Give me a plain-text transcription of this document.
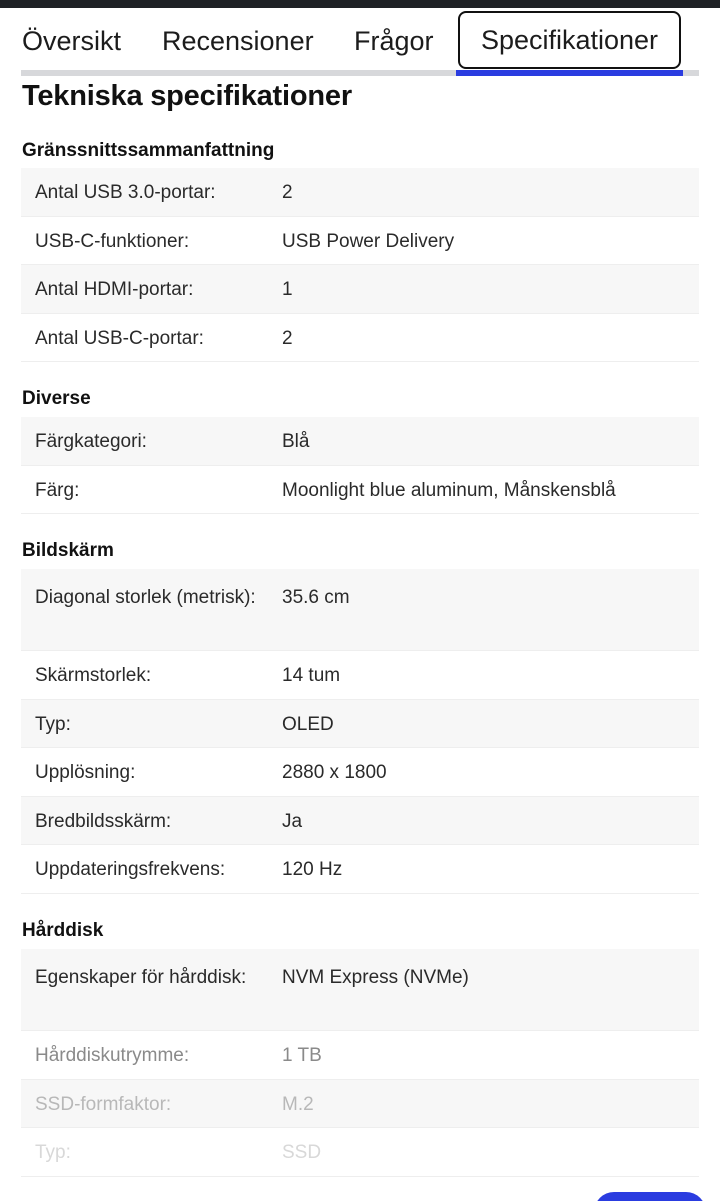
Översikt Recensioner Frågor	Specifikationer
Tekniska specifikationer
Gränssnittssammanfattning
Antal USB 3.0-portar:	2
USB-C-funktioner:	USB Power Delivery
Antal HDMI-portar:	1
Antal USB-C-portar:	2
Diverse
Färgkategori:	Blå
Färg:	Moonlight blue aluminum, Månskensblå
Bildskärm
Diagonal storlek (metrisk):	35.6 cm
Skärmstorlek:	14 tum
Typ:	OLED
Upplösning:	2880 x 1800
Bredbildsskärm:	Ja
Uppdateringsfrekvens:	120 Hz
Hårddisk
Egenskaper för hårddisk:	NVM Express (NVMe)
Hårddiskutrymme:	1 TB
SSD-formfaktor:	M.2
Typ:	SSD
